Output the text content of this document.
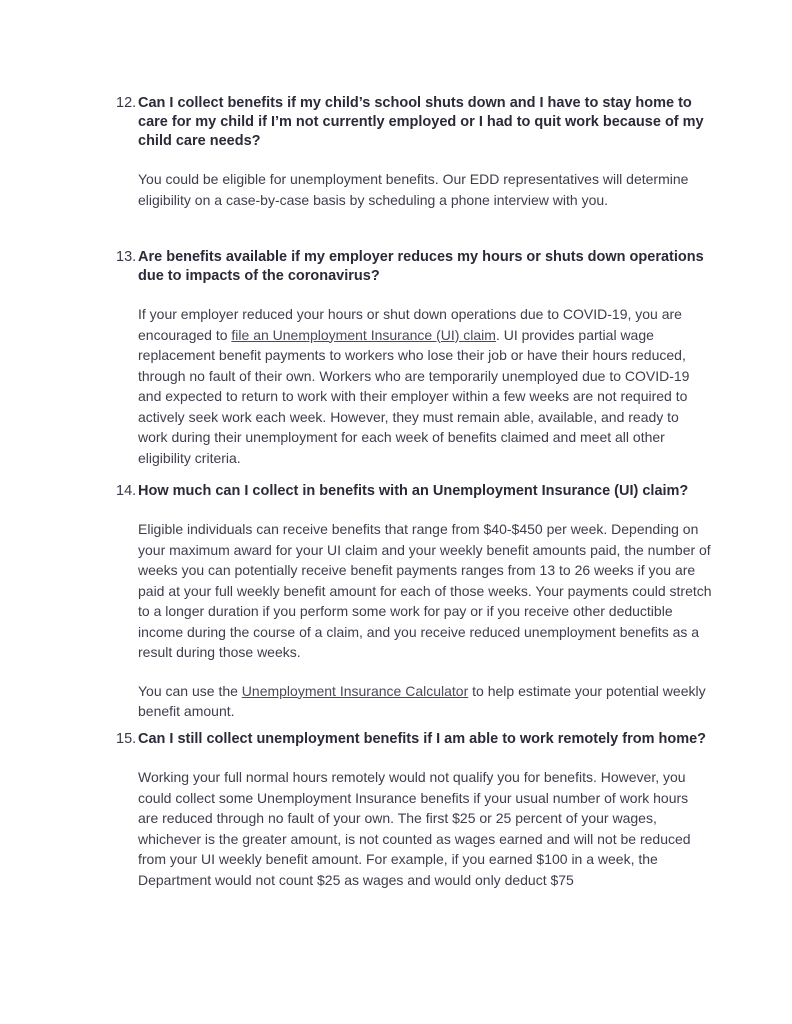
12. Can I collect benefits if my child’s school shuts down and I have to stay home to care for my child if I’m not currently employed or I had to quit work because of my child care needs?

You could be eligible for unemployment benefits. Our EDD representatives will determine eligibility on a case-by-case basis by scheduling a phone interview with you.

13. Are benefits available if my employer reduces my hours or shuts down operations due to impacts of the coronavirus?

If your employer reduced your hours or shut down operations due to COVID-19, you are encouraged to file an Unemployment Insurance (UI) claim. UI provides partial wage replacement benefit payments to workers who lose their job or have their hours reduced, through no fault of their own. Workers who are temporarily unemployed due to COVID-19 and expected to return to work with their employer within a few weeks are not required to actively seek work each week. However, they must remain able, available, and ready to work during their unemployment for each week of benefits claimed and meet all other eligibility criteria.

14. How much can I collect in benefits with an Unemployment Insurance (UI) claim?

Eligible individuals can receive benefits that range from $40-$450 per week. Depending on your maximum award for your UI claim and your weekly benefit amounts paid, the number of weeks you can potentially receive benefit payments ranges from 13 to 26 weeks if you are paid at your full weekly benefit amount for each of those weeks. Your payments could stretch to a longer duration if you perform some work for pay or if you receive other deductible income during the course of a claim, and you receive reduced unemployment benefits as a result during those weeks.

You can use the Unemployment Insurance Calculator to help estimate your potential weekly benefit amount.

15. Can I still collect unemployment benefits if I am able to work remotely from home?

Working your full normal hours remotely would not qualify you for benefits. However, you could collect some Unemployment Insurance benefits if your usual number of work hours are reduced through no fault of your own. The first $25 or 25 percent of your wages, whichever is the greater amount, is not counted as wages earned and will not be reduced from your UI weekly benefit amount. For example, if you earned $100 in a week, the Department would not count $25 as wages and would only deduct $75
